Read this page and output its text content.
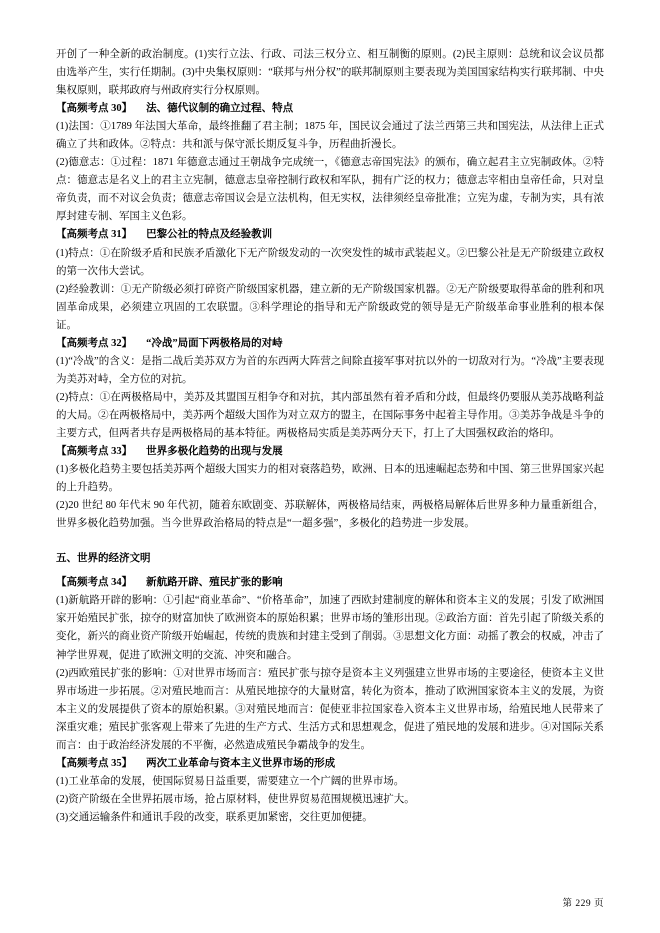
开创了一种全新的政治制度。(1)实行立法、行政、司法三权分立、相互制衡的原则。(2)民主原则：总统和议会议员都由选举产生，实行任期制。(3)中央集权原则：“联邦与州分权”的联邦制原则主要表现为美国国家结构实行联邦制、中央集权原则，联邦政府与州政府实行分权原则。

【高频考点 30】 法、德代议制的确立过程、特点

(1)法国：①1789 年法国大革命，最终推翻了君主制；1875 年，国民议会通过了法兰西第三共和国宪法，从法律上正式确立了共和政体。②特点：共和派与保守派长期反复斗争，历程曲折漫长。

(2)德意志：①过程：1871 年德意志通过王朝战争完成统一，《德意志帝国宪法》的颁布，确立起君主立宪制政体。②特点：德意志是名义上的君主立宪制，德意志皇帝控制行政权和军队，拥有广泛的权力；德意志宰相由皇帝任命，只对皇帝负责，而不对议会负责；德意志帝国议会是立法机构，但无实权，法律须经皇帝批准；立宪为虚，专制为实，具有浓厚封建专制、军国主义色彩。

【高频考点 31】 巴黎公社的特点及经验教训

(1)特点：①在阶级矛盾和民族矛盾激化下无产阶级发动的一次突发性的城市武装起义。②巴黎公社是无产阶级建立政权的第一次伟大尝试。

(2)经验教训：①无产阶级必须打碎资产阶级国家机器，建立新的无产阶级国家机器。②无产阶级要取得革命的胜利和巩固革命成果，必须建立巩固的工农联盟。③科学理论的指导和无产阶级政党的领导是无产阶级革命事业胜利的根本保证。

【高频考点 32】 “冷战”局面下两极格局的对峙

(1)“冷战”的含义：是指二战后美苏双方为首的东西两大阵营之间除直接军事对抗以外的一切敌对行为。“冷战”主要表现为美苏对峙，全方位的对抗。

(2)特点：①在两极格局中，美苏及其盟国互相争夺和对抗，其内部虽然有着矛盾和分歧，但最终仍要服从美苏战略利益的大局。②在两极格局中，美苏两个超级大国作为对立双方的盟主，在国际事务中起着主导作用。③美苏争战是斗争的主要方式，但两者共存是两极格局的基本特征。两极格局实质是美苏两分天下，打上了大国强权政治的烙印。

【高频考点 33】 世界多极化趋势的出现与发展

(1)多极化趋势主要包括美苏两个超级大国实力的相对衰落趋势，欧洲、日本的迅速崛起态势和中国、第三世界国家兴起的上升趋势。

(2)20 世纪 80 年代末 90 年代初，随着东欧剧变、苏联解体，两极格局结束，两极格局解体后世界多种力量重新组合，世界多极化趋势加强。当今世界政治格局的特点是“一超多强”，多极化的趋势进一步发展。

五、世界的经济文明

【高频考点 34】 新航路开辟、殖民扩张的影响

(1)新航路开辟的影响：①引起“商业革命”、“价格革命”，加速了西欧封建制度的解体和资本主义的发展；引发了欧洲国家开始殖民扩张，掠夺的财富加快了欧洲资本的原始积累；世界市场的雏形出现。②政治方面：首先引起了阶级关系的变化，新兴的商业资产阶级开始崛起，传统的贵族和封建主受到了削弱。③思想文化方面：动摇了教会的权威，冲击了神学世界观，促进了欧洲文明的交流、冲突和融合。

(2)西欧殖民扩张的影响：①对世界市场而言：殖民扩张与掠夺是资本主义列强建立世界市场的主要途径，使资本主义世界市场进一步拓展。②对殖民地而言：从殖民地掠夺的大量财富，转化为资本，推动了欧洲国家资本主义的发展，为资本主义的发展提供了资本的原始积累。③对殖民地而言：促使亚非拉国家卷入资本主义世界市场，给殖民地人民带来了深重灾难；殖民扩张客观上带来了先进的生产方式、生活方式和思想观念，促进了殖民地的发展和进步。④对国际关系而言：由于政治经济发展的不平衡，必然造成殖民争霸战争的发生。

【高频考点 35】 两次工业革命与资本主义世界市场的形成

(1)工业革命的发展，使国际贸易日益重要，需要建立一个广阔的世界市场。

(2)资产阶级在全世界拓展市场，抢占原材料，使世界贸易范围规模迅速扩大。

(3)交通运输条件和通讯手段的改变，联系更加紧密，交往更加便捷。

第 229 页
